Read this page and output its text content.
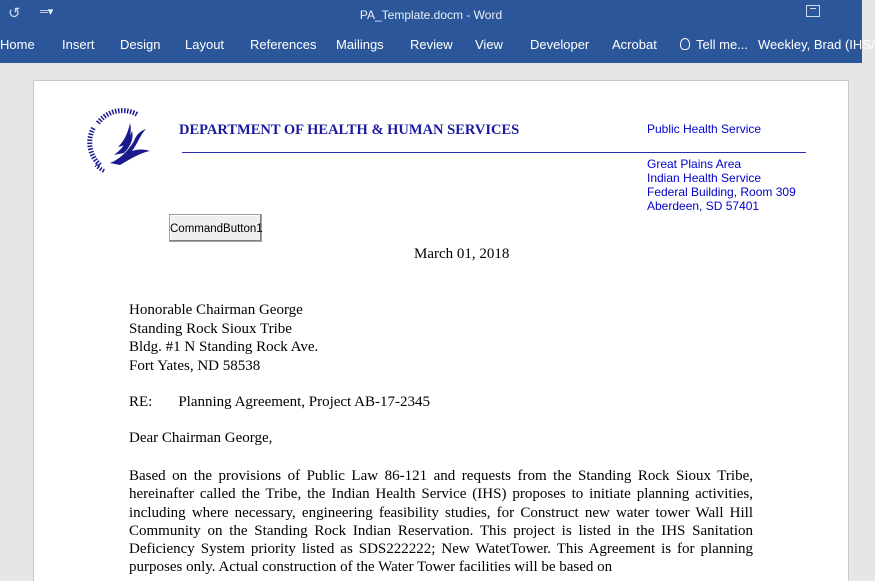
↺ ═▾	PA_Template.docm - Word
Home Insert Design Layout References Mailings Review View Developer Acrobat	Tell me... Weekley, Brad (IHS/
DEPARTMENT OF HEALTH & HUMAN SERVICES	Public Health Service
Great Plains Area
Indian Health Service
Federal Building, Room 309
Aberdeen, SD 57401
CommandButton1
March 01, 2018
Honorable Chairman George
Standing Rock Sioux Tribe
Bldg. #1 N Standing Rock Ave.
Fort Yates, ND 58538
RE: Planning Agreement, Project AB-17-2345
Dear Chairman George,
Based on the provisions of Public Law 86-121 and requests from the Standing Rock Sioux Tribe, hereinafter called the Tribe, the Indian Health Service (IHS) proposes to initiate planning activities, including where necessary, engineering feasibility studies, for Construct new water tower Wall Hill Community on the Standing Rock Indian Reservation. This project is listed in the IHS Sanitation Deficiency System priority listed as SDS222222; New WatetTower. This Agreement is for planning purposes only. Actual construction of the Water Tower facilities will be based on
